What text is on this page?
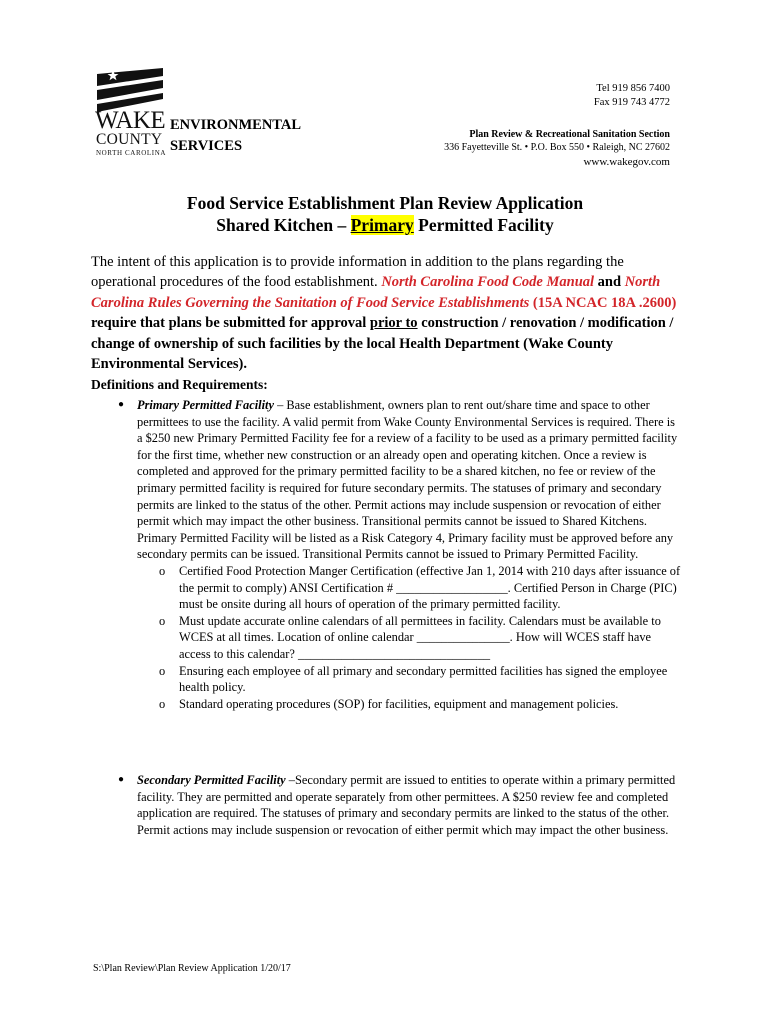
WAKE
COUNTY
NORTH CAROLINA
ENVIRONMENTAL
SERVICES
Tel 919 856 7400
Fax 919 743 4772
Plan Review & Recreational Sanitation Section
336 Fayetteville St. • P.O. Box 550 • Raleigh, NC 27602
www.wakegov.com
Food Service Establishment Plan Review Application
Shared Kitchen – Primary Permitted Facility
The intent of this application is to provide information in addition to the plans regarding the operational procedures of the food establishment. North Carolina Food Code Manual and North Carolina Rules Governing the Sanitation of Food Service Establishments (15A NCAC 18A .2600) require that plans be submitted for approval prior to construction / renovation / modification / change of ownership of such facilities by the local Health Department (Wake County Environmental Services).
Definitions and Requirements:
● Primary Permitted Facility – Base establishment, owners plan to rent out/share time and space to other permittees to use the facility. A valid permit from Wake County Environmental Services is required. There is a $250 new Primary Permitted Facility fee for a review of a facility to be used as a primary permitted facility for the first time, whether new construction or an already open and operating kitchen. Once a review is completed and approved for the primary permitted facility to be a shared kitchen, no fee or review of the primary permitted facility is required for future secondary permits. The statuses of primary and secondary permits are linked to the status of the other. Permit actions may include suspension or revocation of either permit which may impact the other business. Transitional permits cannot be issued to Shared Kitchens. Primary Permitted Facility will be listed as a Risk Category 4, Primary facility must be approved before any secondary permits can be issued. Transitional Permits cannot be issued to Primary Permitted Facility.
o Certified Food Protection Manger Certification (effective Jan 1, 2014 with 210 days after issuance of the permit to comply) ANSI Certification # __________________. Certified Person in Charge (PIC) must be onsite during all hours of operation of the primary permitted facility.
o Must update accurate online calendars of all permittees in facility. Calendars must be available to WCES at all times. Location of online calendar _______________. How will WCES staff have access to this calendar? _______________________________
o Ensuring each employee of all primary and secondary permitted facilities has signed the employee health policy.
o Standard operating procedures (SOP) for facilities, equipment and management policies.
● Secondary Permitted Facility –Secondary permit are issued to entities to operate within a primary permitted facility. They are permitted and operate separately from other permittees. A $250 review fee and completed application are required. The statuses of primary and secondary permits are linked to the status of the other. Permit actions may include suspension or revocation of either permit which may impact the other business.
S:\Plan Review\Plan Review Application 1/20/17
